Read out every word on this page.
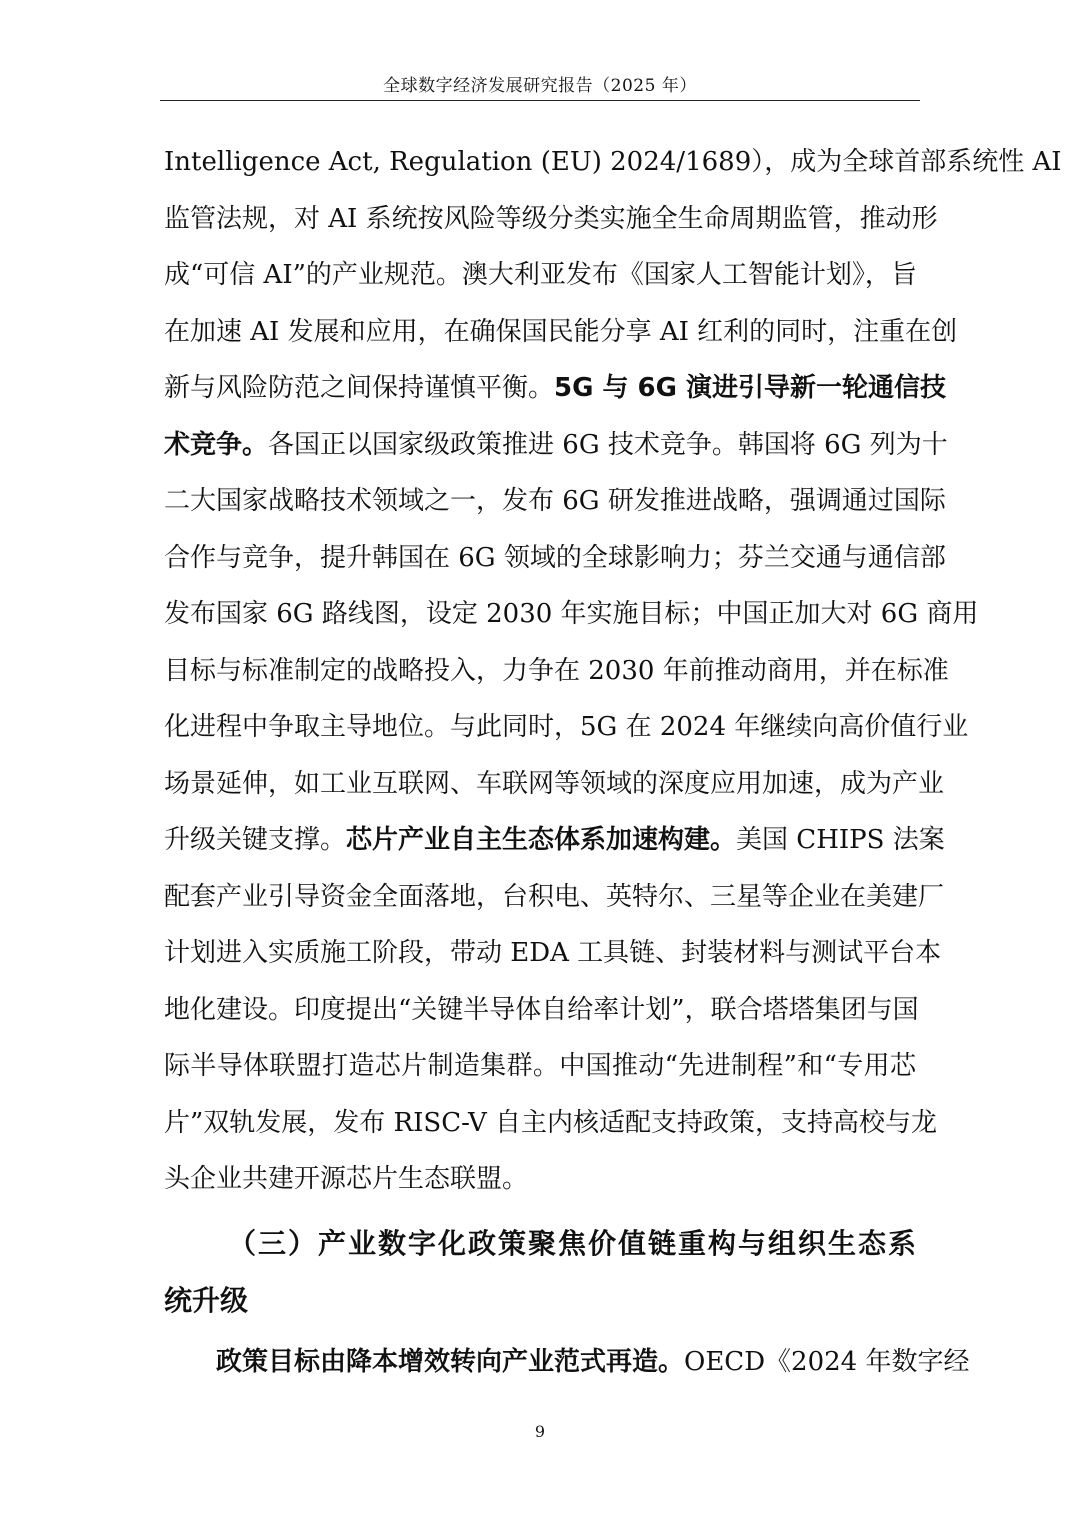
全球数字经济发展研究报告（2025 年）
Intelligence Act, Regulation (EU) 2024/1689），成为全球首部系统性 AI
监管法规，对 AI 系统按风险等级分类实施全生命周期监管，推动形
成“可信 AI”的产业规范。澳大利亚发布《国家人工智能计划》，旨
在加速 AI 发展和应用，在确保国民能分享 AI 红利的同时，注重在创
新与风险防范之间保持谨慎平衡。5G 与 6G 演进引导新一轮通信技
术竞争。各国正以国家级政策推进 6G 技术竞争。韩国将 6G 列为十
二大国家战略技术领域之一，发布 6G 研发推进战略，强调通过国际
合作与竞争，提升韩国在 6G 领域的全球影响力；芬兰交通与通信部
发布国家 6G 路线图，设定 2030 年实施目标；中国正加大对 6G 商用
目标与标准制定的战略投入，力争在 2030 年前推动商用，并在标准
化进程中争取主导地位。与此同时，5G 在 2024 年继续向高价值行业
场景延伸，如工业互联网、车联网等领域的深度应用加速，成为产业
升级关键支撑。芯片产业自主生态体系加速构建。美国 CHIPS 法案
配套产业引导资金全面落地，台积电、英特尔、三星等企业在美建厂
计划进入实质施工阶段，带动 EDA 工具链、封装材料与测试平台本
地化建设。印度提出“关键半导体自给率计划”，联合塔塔集团与国
际半导体联盟打造芯片制造集群。中国推动“先进制程”和“专用芯
片”双轨发展，发布 RISC-V 自主内核适配支持政策，支持高校与龙
头企业共建开源芯片生态联盟。
（三）产业数字化政策聚焦价值链重构与组织生态系
统升级
政策目标由降本增效转向产业范式再造。OECD《2024 年数字经
9
